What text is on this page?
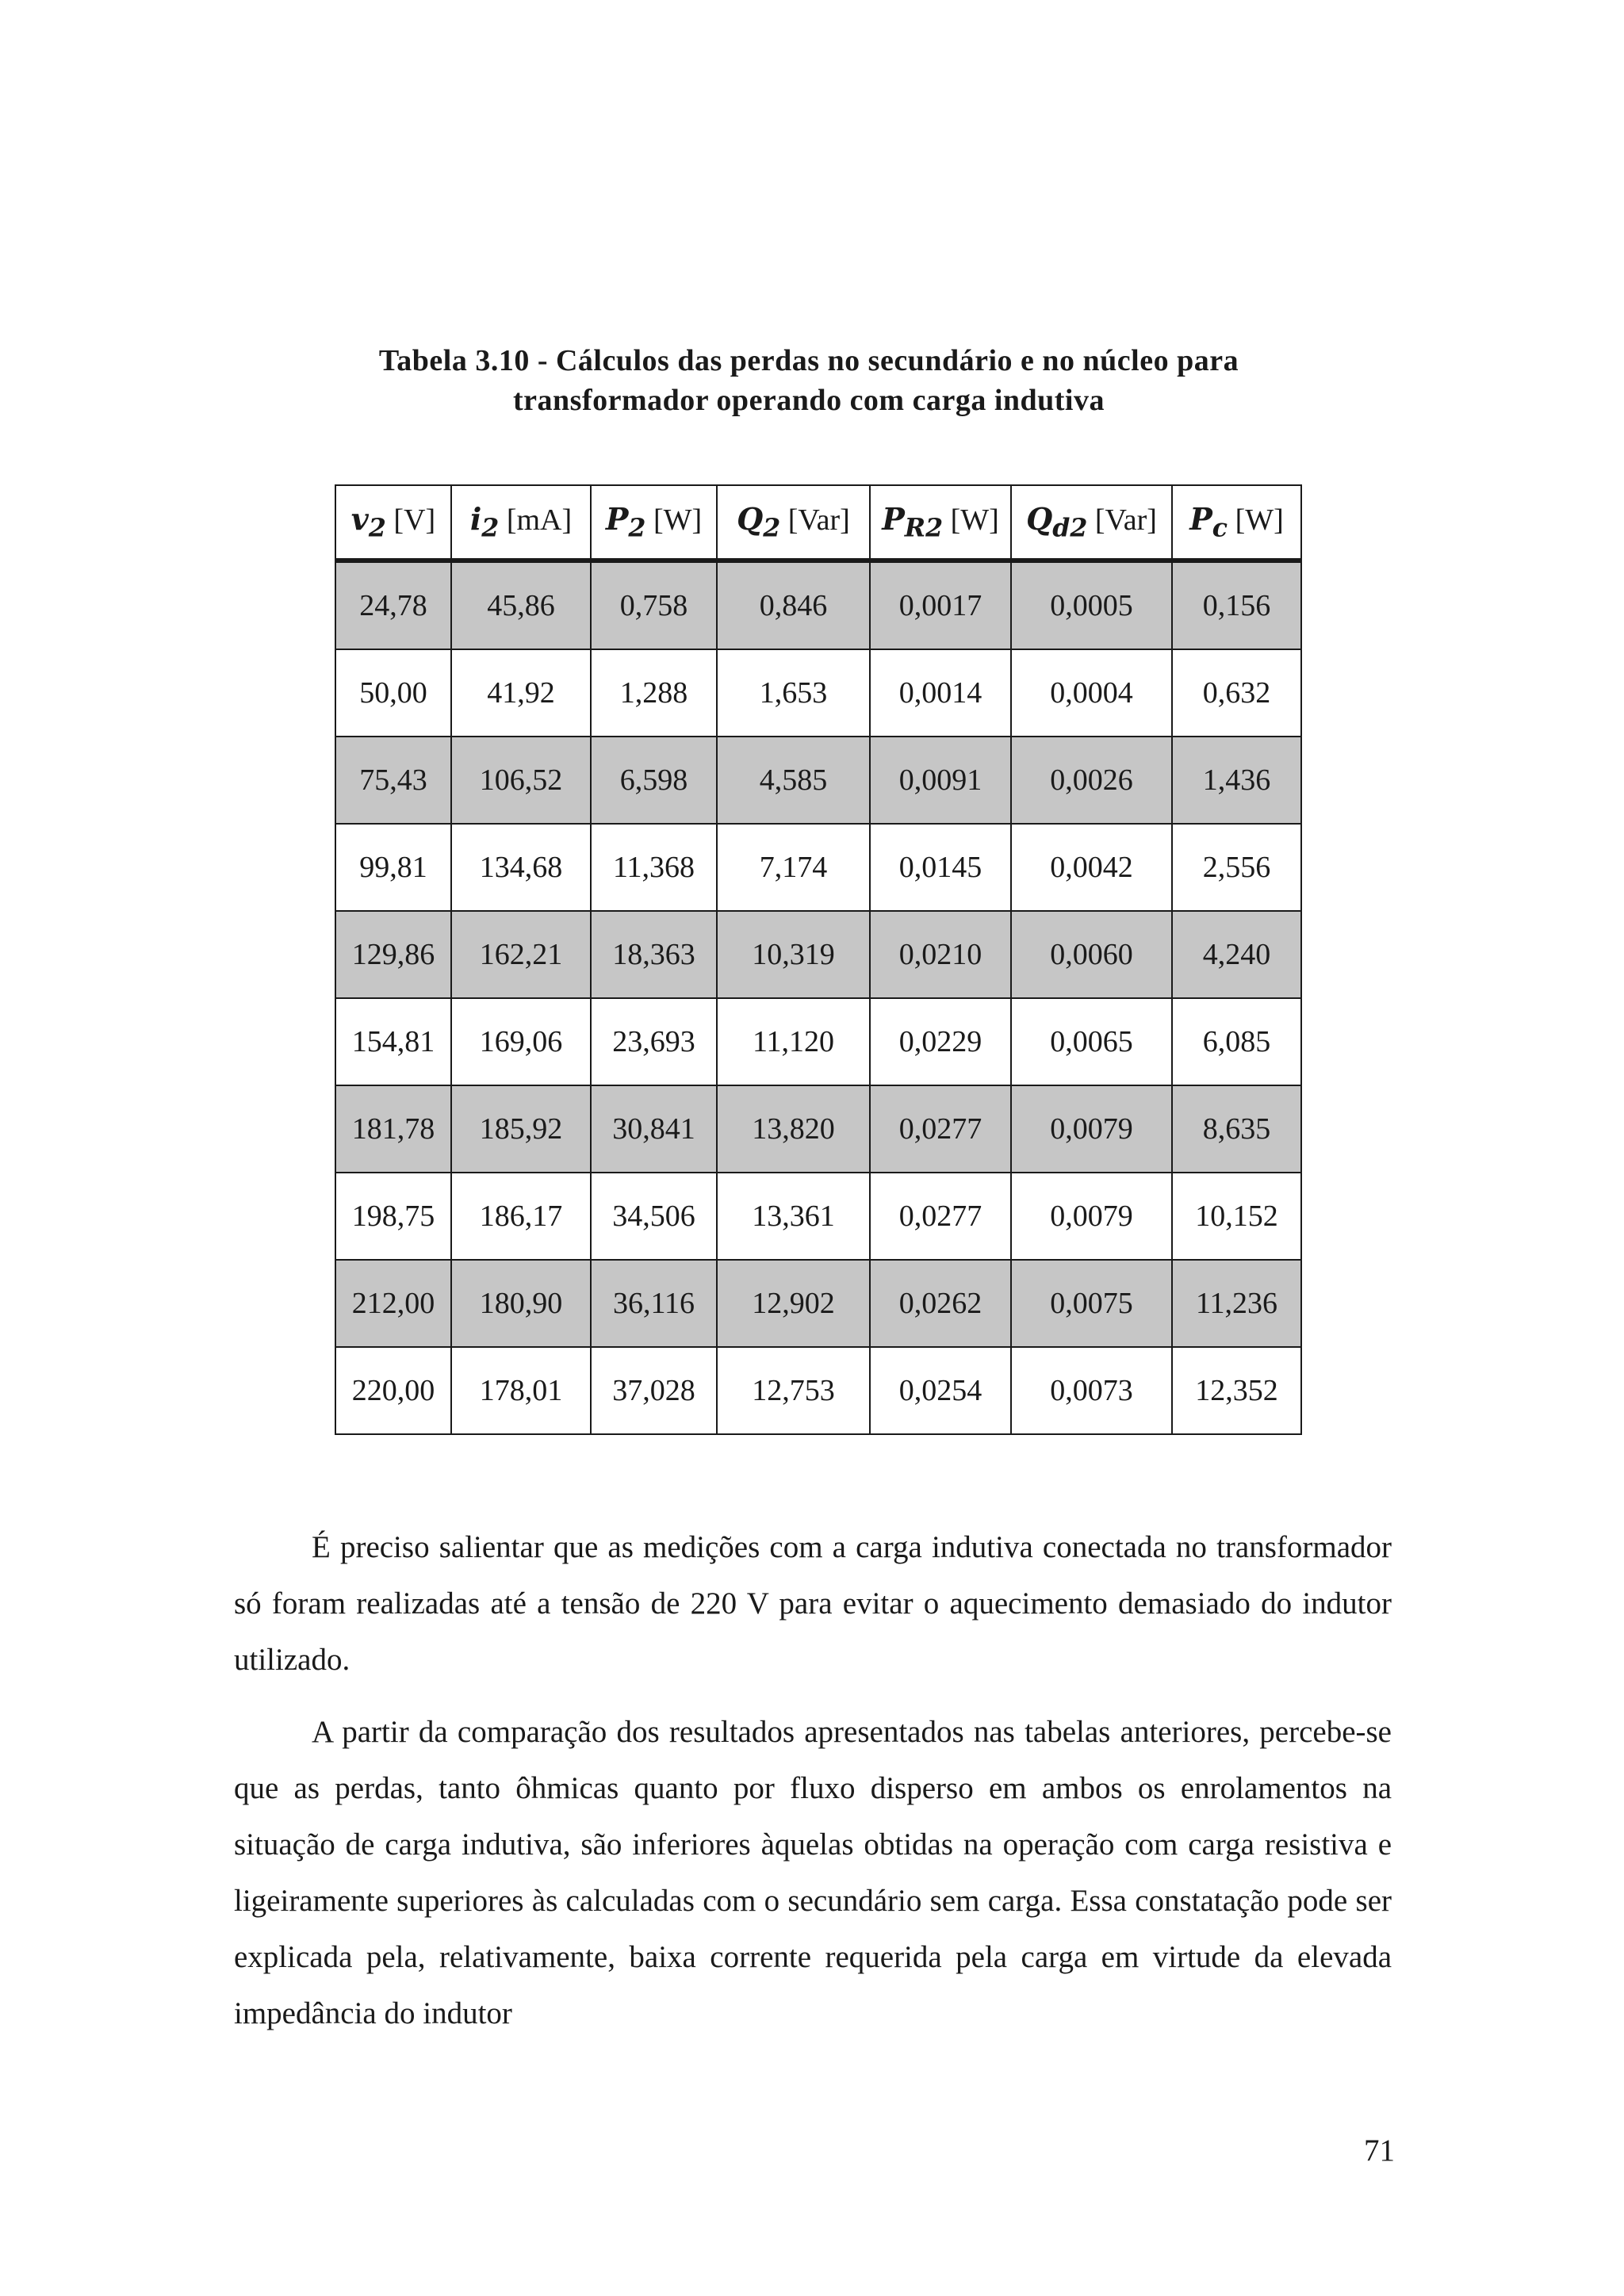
Tabela 3.10 - Cálculos das perdas no secundário e no núcleo para
transformador operando com carga indutiva
$v_2$ [V]	$i_2$ [mA]	$P_2$ [W]	$Q_2$ [Var]	$P_{R2}$ [W]	$Q_{d2}$ [Var]	$P_c$ [W]
24,78	45,86	0,758	0,846	0,0017	0,0005	0,156
50,00	41,92	1,288	1,653	0,0014	0,0004	0,632
75,43	106,52	6,598	4,585	0,0091	0,0026	1,436
99,81	134,68	11,368	7,174	0,0145	0,0042	2,556
129,86	162,21	18,363	10,319	0,0210	0,0060	4,240
154,81	169,06	23,693	11,120	0,0229	0,0065	6,085
181,78	185,92	30,841	13,820	0,0277	0,0079	8,635
198,75	186,17	34,506	13,361	0,0277	0,0079	10,152
212,00	180,90	36,116	12,902	0,0262	0,0075	11,236
220,00	178,01	37,028	12,753	0,0254	0,0073	12,352

É preciso salientar que as medições com a carga indutiva conectada no transformador só foram realizadas até a tensão de 220 V para evitar o aquecimento demasiado do indutor utilizado.

A partir da comparação dos resultados apresentados nas tabelas anteriores, percebe-se que as perdas, tanto ôhmicas quanto por fluxo disperso em ambos os enrolamentos na situação de carga indutiva, são inferiores àquelas obtidas na operação com carga resistiva e ligeiramente superiores às calculadas com o secundário sem carga. Essa constatação pode ser explicada pela, relativamente, baixa corrente requerida pela carga em virtude da elevada impedância do indutor

71
